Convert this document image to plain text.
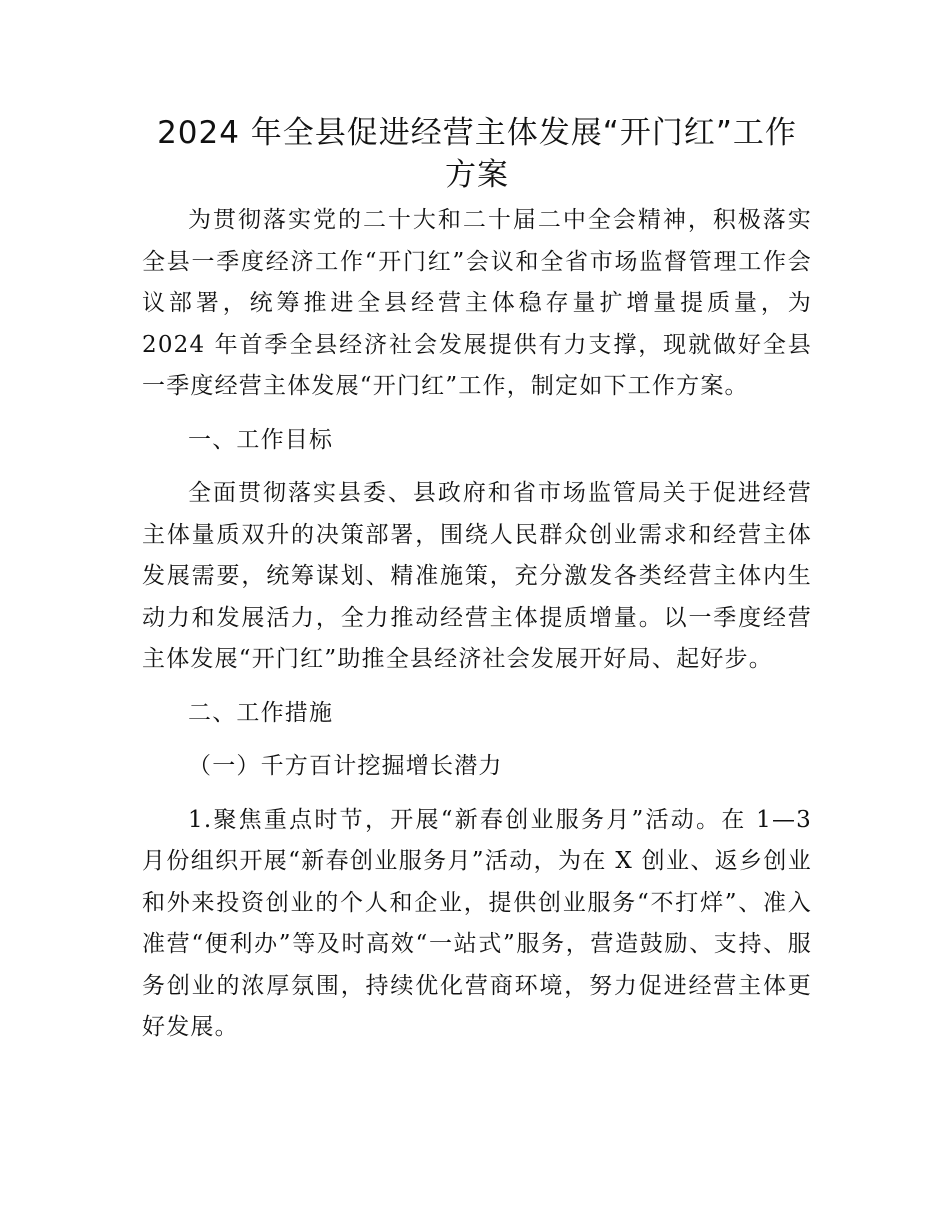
2024 年全县促进经营主体发展“开门红”工作
方案

为贯彻落实党的二十大和二十届二中全会精神，积极落实全县一季度经济工作“开门红”会议和全省市场监督管理工作会议部署，统筹推进全县经营主体稳存量扩增量提质量，为 2024 年首季全县经济社会发展提供有力支撑，现就做好全县一季度经营主体发展“开门红”工作，制定如下工作方案。

一、工作目标

全面贯彻落实县委、县政府和省市场监管局关于促进经营主体量质双升的决策部署，围绕人民群众创业需求和经营主体发展需要，统筹谋划、精准施策，充分激发各类经营主体内生动力和发展活力，全力推动经营主体提质增量。以一季度经营主体发展“开门红”助推全县经济社会发展开好局、起好步。

二、工作措施

（一）千方百计挖掘增长潜力

1.聚焦重点时节，开展“新春创业服务月”活动。在 1—3 月份组织开展“新春创业服务月”活动，为在 X 创业、返乡创业和外来投资创业的个人和企业，提供创业服务“不打烊”、准入准营“便利办”等及时高效“一站式”服务，营造鼓励、支持、服务创业的浓厚氛围，持续优化营商环境，努力促进经营主体更好发展。
